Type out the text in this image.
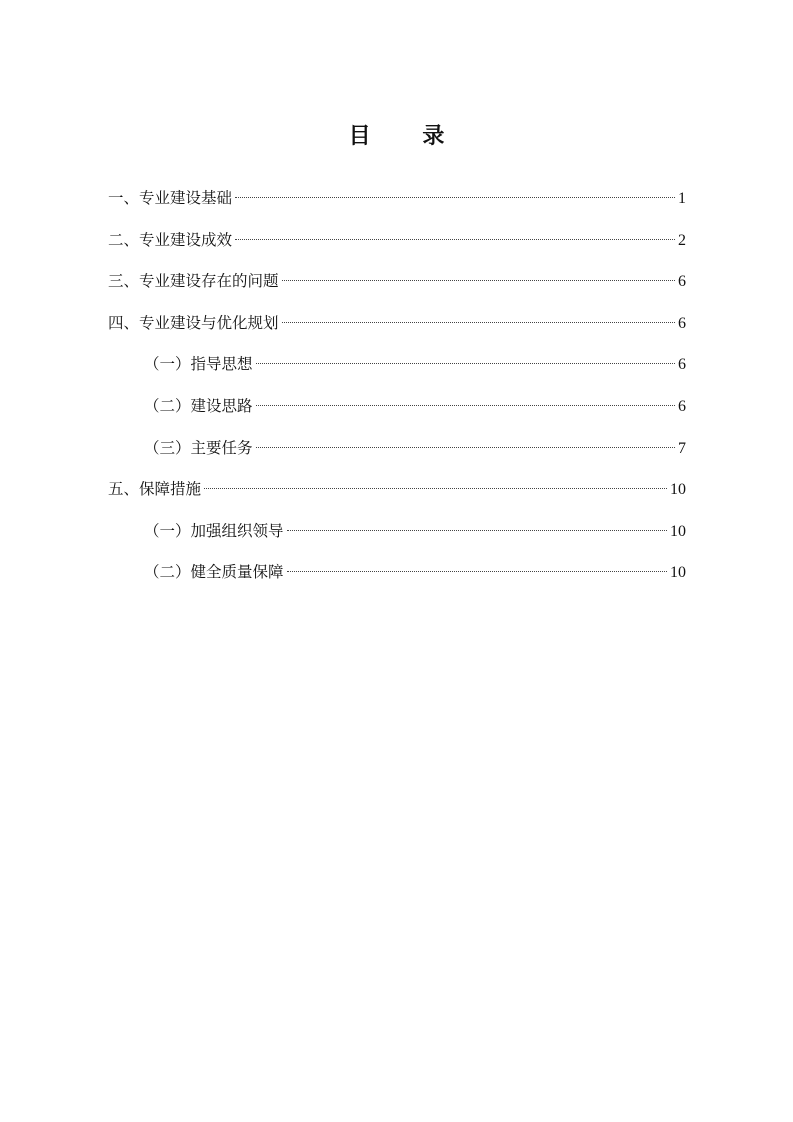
目 录
一、专业建设基础	1
二、专业建设成效	2
三、专业建设存在的问题	6
四、专业建设与优化规划	6
（一）指导思想	6
（二）建设思路	6
（三）主要任务	7
五、保障措施	10
（一）加强组织领导	10
（二）健全质量保障	10
